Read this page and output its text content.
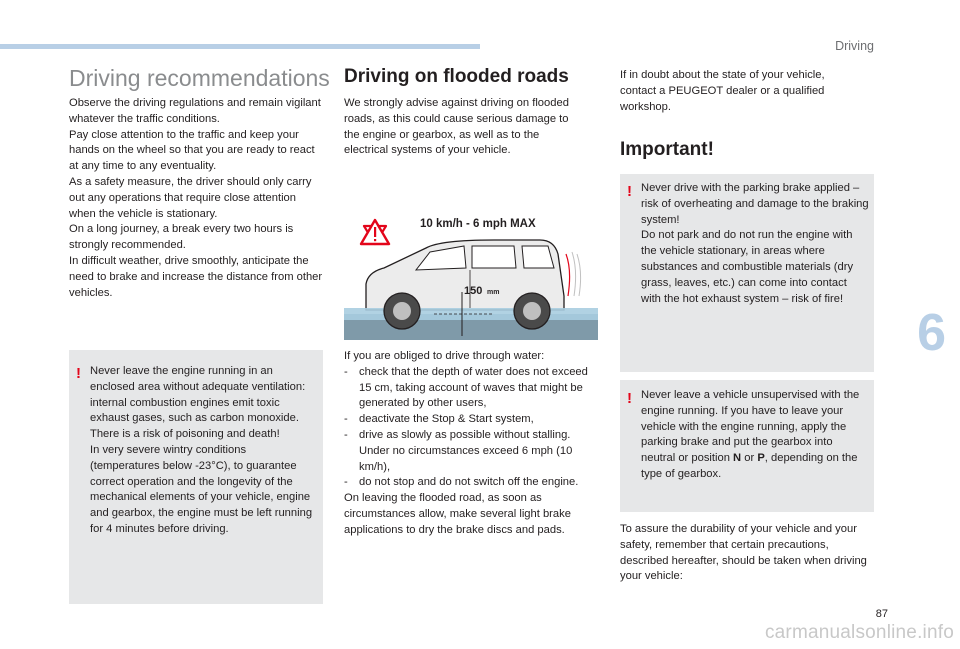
Driving
6
Driving recommendations

Observe the driving regulations and remain vigilant whatever the traffic conditions.

Pay close attention to the traffic and keep your hands on the wheel so that you are ready to react at any time to any eventuality.

As a safety measure, the driver should only carry out any operations that require close attention when the vehicle is stationary.

On a long journey, a break every two hours is strongly recommended.

In difficult weather, drive smoothly, anticipate the need to brake and increase the distance from other vehicles.

! Never leave the engine running in an enclosed area without adequate ventilation: internal combustion engines emit toxic exhaust gases, such as carbon monoxide. There is a risk of poisoning and death!

In very severe wintry conditions (temperatures below -23°C), to guarantee correct operation and the longevity of the mechanical elements of your vehicle, engine and gearbox, the engine must be left running for 4 minutes before driving.

Driving on flooded roads

We strongly advise against driving on flooded roads, as this could cause serious damage to the engine or gearbox, as well as to the electrical systems of your vehicle.

10 km/h - 6 mph MAX
150 mm

If you are obliged to drive through water:

- check that the depth of water does not exceed 15 cm, taking account of waves that might be generated by other users,
- deactivate the Stop & Start system,
- drive as slowly as possible without stalling. Under no circumstances exceed 6 mph (10 km/h),
- do not stop and do not switch off the engine.

On leaving the flooded road, as soon as circumstances allow, make several light brake applications to dry the brake discs and pads.

If in doubt about the state of your vehicle, contact a PEUGEOT dealer or a qualified workshop.

Important!
! Never drive with the parking brake applied – risk of overheating and damage to the braking system!

Do not park and do not run the engine with the vehicle stationary, in areas where substances and combustible materials (dry grass, leaves, etc.) can come into contact with the hot exhaust system – risk of fire!

! Never leave a vehicle unsupervised with the engine running. If you have to leave your vehicle with the engine running, apply the parking brake and put the gearbox into neutral or position N or P, depending on the type of gearbox.

To assure the durability of your vehicle and your safety, remember that certain precautions, described hereafter, should be taken when driving your vehicle:

87
carmanualsonline.info
